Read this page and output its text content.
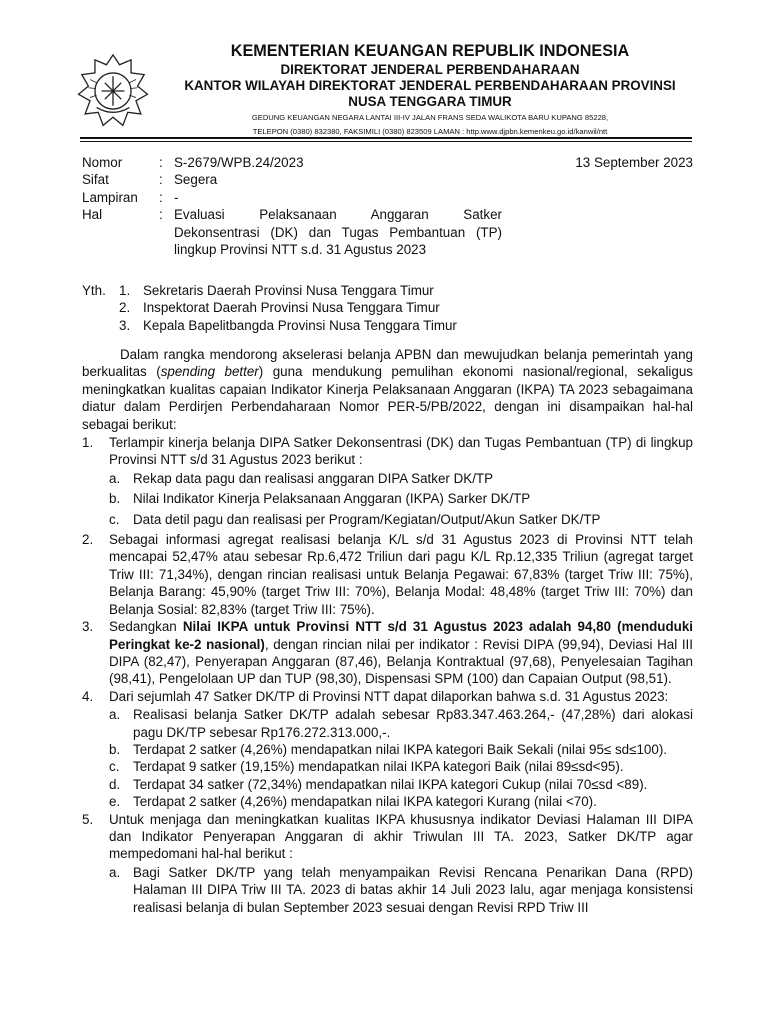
KEMENTERIAN KEUANGAN REPUBLIK INDONESIA
DIREKTORAT JENDERAL PERBENDAHARAAN
KANTOR WILAYAH DIREKTORAT JENDERAL PERBENDAHARAAN PROVINSI
NUSA TENGGARA TIMUR
GEDUNG KEUANGAN NEGARA LANTAI III-IV JALAN FRANS SEDA WALIKOTA BARU KUPANG 85228,
TELEPON (0380) 832380, FAKSIMILI (0380) 823509 LAMAN : http.www.djpbn.kemenkeu.go.id/kanwil/ntt
Nomor	: S-2679/WPB.24/2023
Sifat	: Segera
Lampiran	: -
Hal	: Evaluasi Pelaksanaan Anggaran Satker
Dekonsentrasi (DK) dan Tugas Pembantuan (TP)
lingkup Provinsi NTT s.d. 31 Agustus 2023
13 September 2023
Yth. 1. Sekretaris Daerah Provinsi Nusa Tenggara Timur
2. Inspektorat Daerah Provinsi Nusa Tenggara Timur
3. Kepala Bapelitbangda Provinsi Nusa Tenggara Timur

Dalam rangka mendorong akselerasi belanja APBN dan mewujudkan belanja pemerintah yang berkualitas (spending better) guna mendukung pemulihan ekonomi nasional/regional, sekaligus meningkatkan kualitas capaian Indikator Kinerja Pelaksanaan Anggaran (IKPA) TA 2023 sebagaimana diatur dalam Perdirjen Perbendaharaan Nomor PER-5/PB/2022, dengan ini disampaikan hal-hal sebagai berikut:

1.	Terlampir kinerja belanja DIPA Satker Dekonsentrasi (DK) dan Tugas Pembantuan (TP) di lingkup Provinsi NTT s/d 31 Agustus 2023 berikut :
a. Rekap data pagu dan realisasi anggaran DIPA Satker DK/TP
b. Nilai Indikator Kinerja Pelaksanaan Anggaran (IKPA) Sarker DK/TP
c.	Data detil pagu dan realisasi per Program/Kegiatan/Output/Akun Satker DK/TP
2.	Sebagai informasi agregat realisasi belanja K/L s/d 31 Agustus 2023 di Provinsi NTT telah mencapai 52,47% atau sebesar Rp.6,472 Triliun dari pagu K/L Rp.12,335 Triliun (agregat target Triw III: 71,34%), dengan rincian realisasi untuk Belanja Pegawai: 67,83% (target Triw III: 75%), Belanja Barang: 45,90% (target Triw III: 70%), Belanja Modal: 48,48% (target Triw III: 70%) dan Belanja Sosial: 82,83% (target Triw III: 75%).
3.	Sedangkan Nilai IKPA untuk Provinsi NTT s/d 31 Agustus 2023 adalah 94,80 (menduduki Peringkat ke-2 nasional), dengan rincian nilai per indikator : Revisi DIPA (99,94), Deviasi Hal III DIPA (82,47), Penyerapan Anggaran (87,46), Belanja Kontraktual (97,68), Penyelesaian Tagihan (98,41), Pengelolaan UP dan TUP (98,30), Dispensasi SPM (100) dan Capaian Output (98,51).
4.	Dari sejumlah 47 Satker DK/TP di Provinsi NTT dapat dilaporkan bahwa s.d. 31 Agustus 2023:
a. Realisasi belanja Satker DK/TP adalah sebesar Rp83.347.463.264,- (47,28%) dari alokasi pagu DK/TP sebesar Rp176.272.313.000,-.
b. Terdapat 2 satker (4,26%) mendapatkan nilai IKPA kategori Baik Sekali (nilai 95≤ sd≤100).
c.	Terdapat 9 satker (19,15%) mendapatkan nilai IKPA kategori Baik (nilai 89≤sd<95).
d. Terdapat 34 satker (72,34%) mendapatkan nilai IKPA kategori Cukup (nilai 70≤sd <89).
e. Terdapat 2 satker (4,26%) mendapatkan nilai IKPA kategori Kurang (nilai <70).
5.	Untuk menjaga dan meningkatkan kualitas IKPA khususnya indikator Deviasi Halaman III DIPA dan Indikator Penyerapan Anggaran di akhir Triwulan III TA. 2023, Satker DK/TP agar mempedomani hal-hal berikut :
a. Bagi Satker DK/TP yang telah menyampaikan Revisi Rencana Penarikan Dana (RPD) Halaman III DIPA Triw III TA. 2023 di batas akhir 14 Juli 2023 lalu, agar menjaga konsistensi realisasi belanja di bulan September 2023 sesuai dengan Revisi RPD Triw III
